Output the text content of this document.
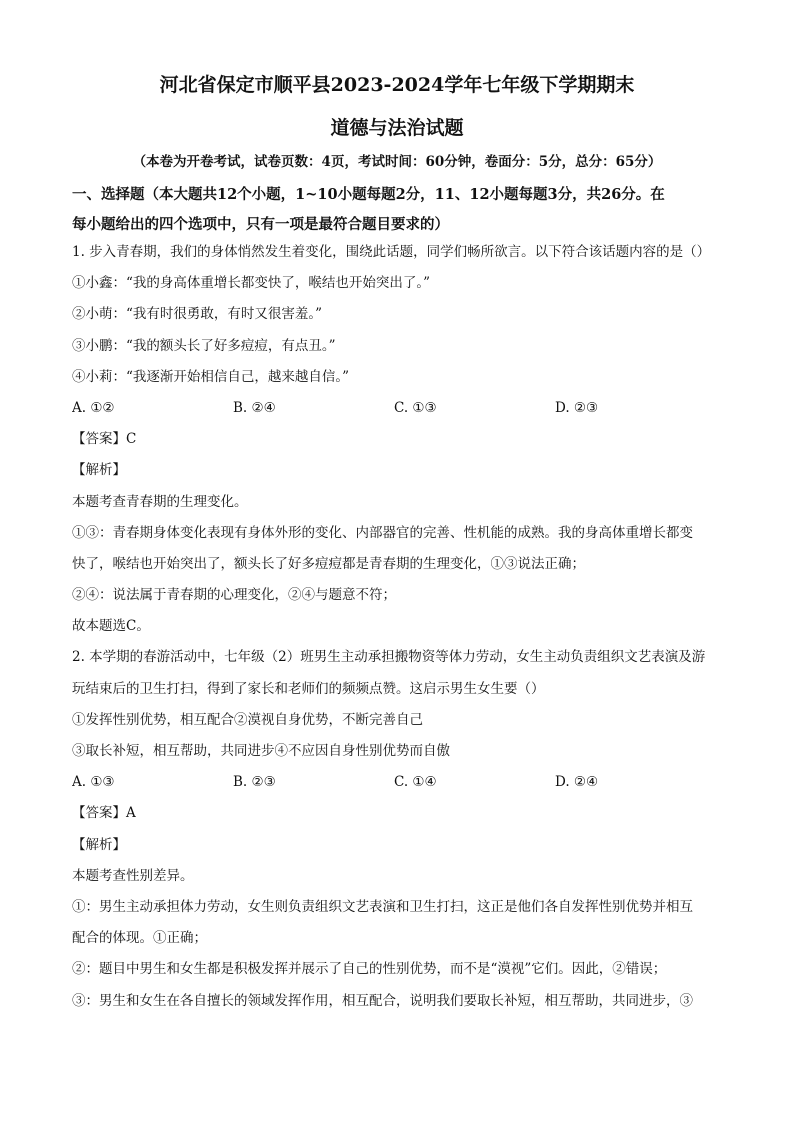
河北省保定市顺平县2023-2024学年七年级下学期期末
道德与法治试题
（本卷为开卷考试，试卷页数：4页，考试时间：60分钟，卷面分：5分，总分：65分）
一、选择题（本大题共12个小题，1~10小题每题2分，11、12小题每题3分，共26分。在
每小题给出的四个选项中，只有一项是最符合题目要求的）
1. 步入青春期，我们的身体悄然发生着变化，围绕此话题，同学们畅所欲言。以下符合该话题内容的是（）
①小鑫：“我的身高体重增长都变快了，喉结也开始突出了。”
②小萌：“我有时很勇敢，有时又很害羞。”
③小鹏：“我的额头长了好多痘痘，有点丑。”
④小莉：“我逐渐开始相信自己，越来越自信。”
A. ①②	B. ②④	C. ①③	D. ②③
【答案】C
【解析】
本题考查青春期的生理变化。
①③：青春期身体变化表现有身体外形的变化、内部器官的完善、性机能的成熟。我的身高体重增长都变
快了，喉结也开始突出了，额头长了好多痘痘都是青春期的生理变化，①③说法正确；
②④：说法属于青春期的心理变化，②④与题意不符；
故本题选C。
2. 本学期的春游活动中，七年级（2）班男生主动承担搬物资等体力劳动，女生主动负责组织文艺表演及游
玩结束后的卫生打扫，得到了家长和老师们的频频点赞。这启示男生女生要（）
①发挥性别优势，相互配合②漠视自身优势，不断完善自己
③取长补短，相互帮助，共同进步④不应因自身性别优势而自傲
A. ①③	B. ②③	C. ①④	D. ②④
【答案】A
【解析】
本题考查性别差异。
①：男生主动承担体力劳动，女生则负责组织文艺表演和卫生打扫，这正是他们各自发挥性别优势并相互
配合的体现。①正确；
②：题目中男生和女生都是积极发挥并展示了自己的性别优势，而不是“漠视”它们。因此，②错误；
③：男生和女生在各自擅长的领域发挥作用，相互配合，说明我们要取长补短，相互帮助，共同进步，③
